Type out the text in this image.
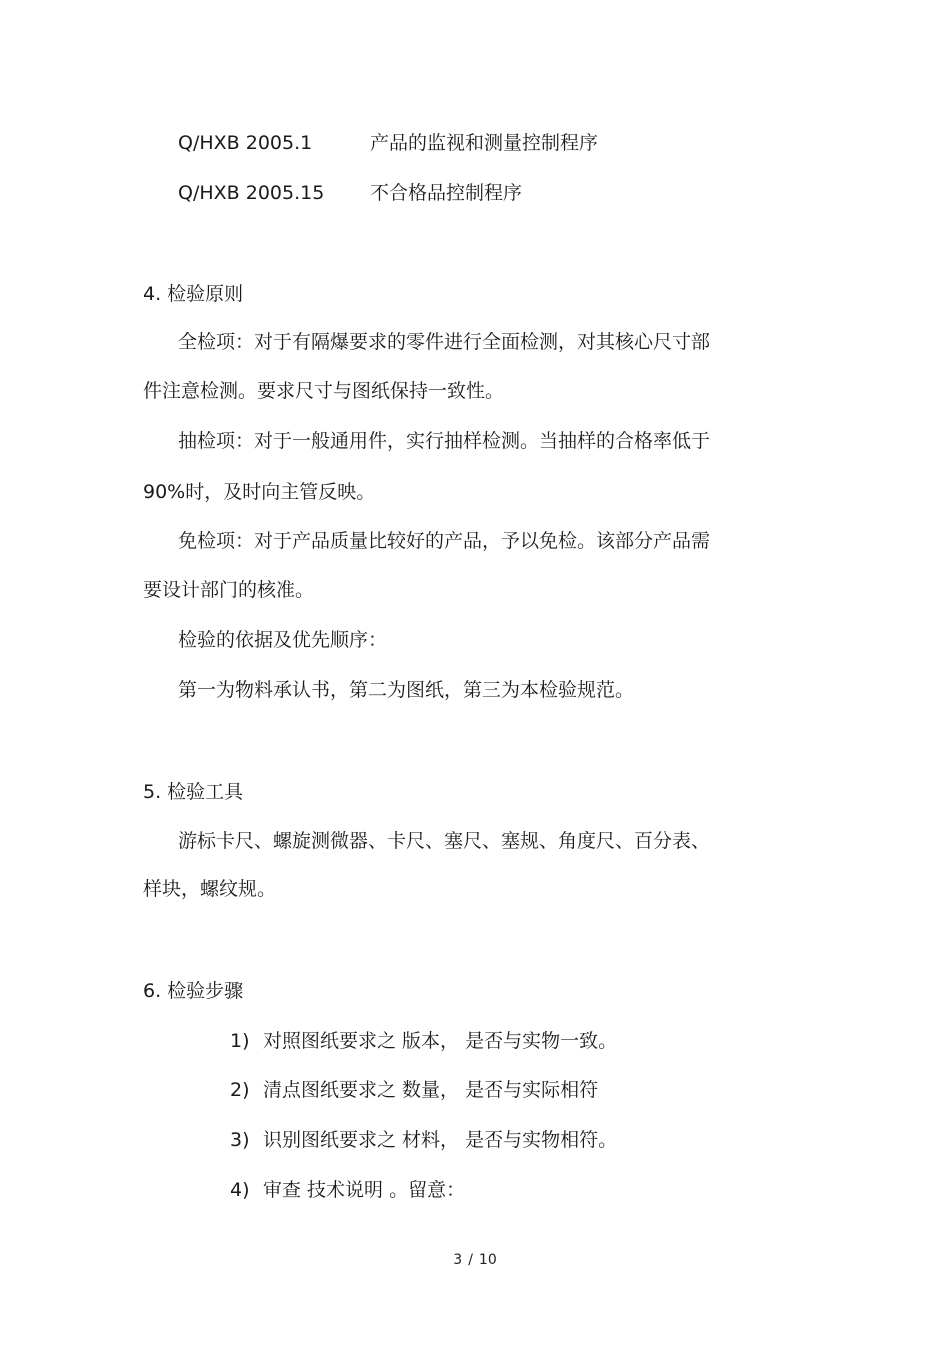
Q/HXB 2005.1	产品的监视和测量控制程序
Q/HXB 2005.15 不合格品控制程序
4. 检验原则
全检项：对于有隔爆要求的零件进行全面检测，对其核心尺寸部
件注意检测。要求尺寸与图纸保持一致性。
抽检项：对于一般通用件，实行抽样检测。当抽样的合格率低于
90%时，及时向主管反映。
免检项：对于产品质量比较好的产品，予以免检。该部分产品需
要设计部门的核准。
检验的依据及优先顺序：
第一为物料承认书，第二为图纸，第三为本检验规范。
5. 检验工具
游标卡尺、螺旋测微器、卡尺、塞尺、塞规、角度尺、百分表、
样块，螺纹规。
6. 检验步骤
1) 对照图纸要求之 版本， 是否与实物一致。
2) 清点图纸要求之 数量， 是否与实际相符
3) 识别图纸要求之 材料， 是否与实物相符。
4) 审查 技术说明 。留意：
3 / 10
